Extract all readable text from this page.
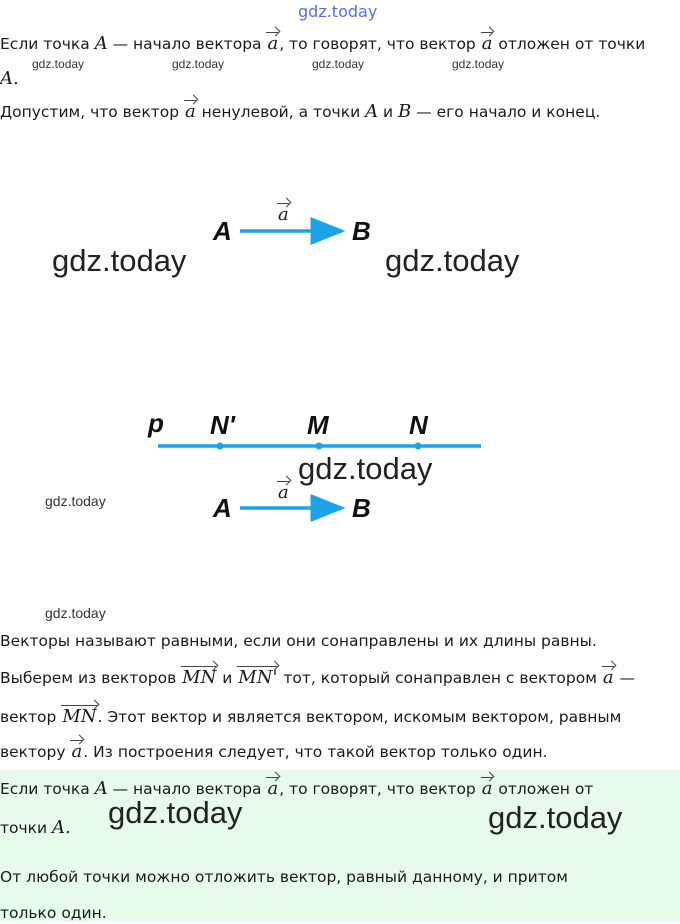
gdz.today
Если точка A — начало вектора a, то говорят, что вектор a отложен от точки
A.
gdz.today	gdz.today	gdz.today	gdz.today
Допустим, что вектор a ненулевой, а точки A и B — его начало и конец.
A	B
a
gdz.today	gdz.today
p N'	M	N
gdz.today
gdz.today	A	B
a
gdz.today
Векторы называют равными, если они сонаправлены и их длины равны.
Выберем из векторов MN и MN' тот, который сонаправлен с вектором a —
вектор MN. Этот вектор и является вектором, искомым вектором, равным
вектору a. Из построения следует, что такой вектор только один.
Если точка A — начало вектора a, то говорят, что вектор a отложен от
точки A. gdz.today	gdz.today
От любой точки можно отложить вектор, равный данному, и притом
только один.
